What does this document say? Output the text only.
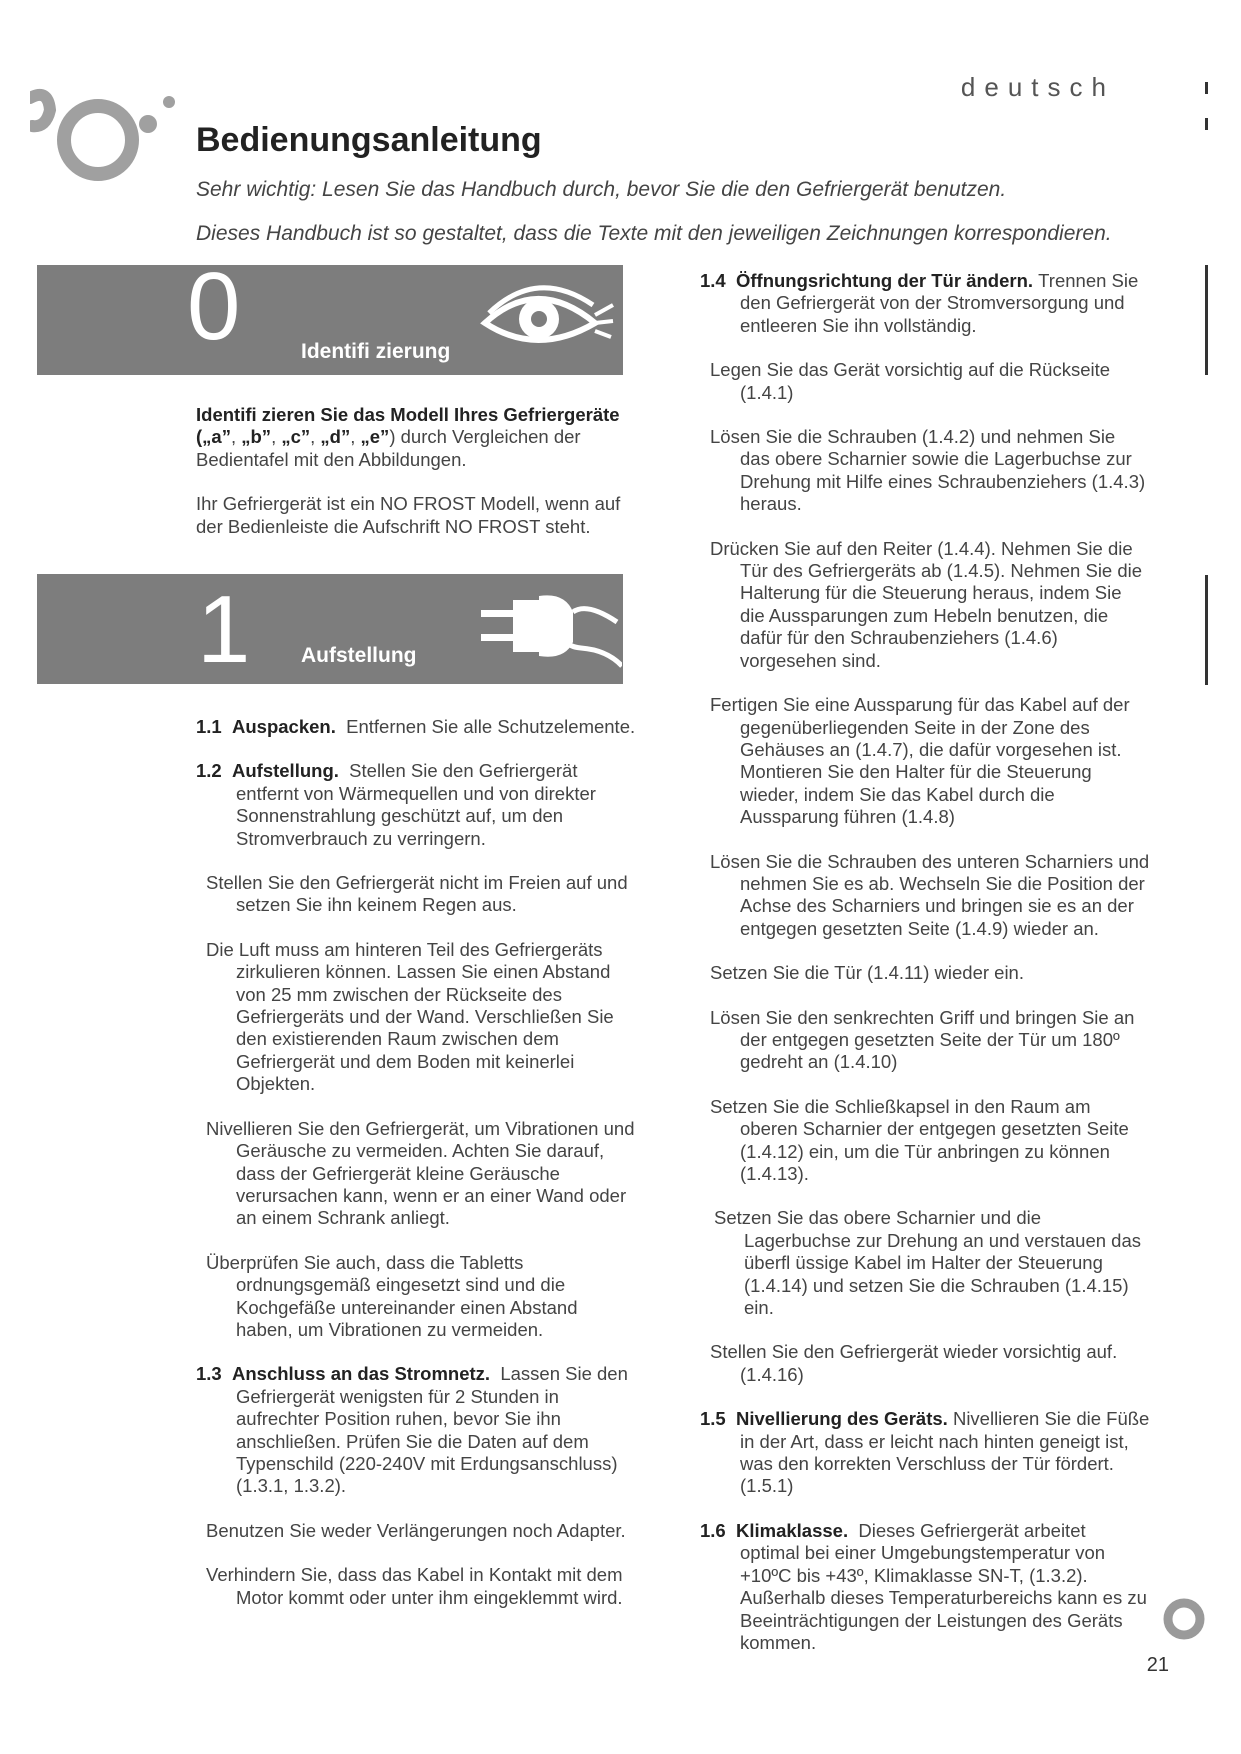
deutsch
Bedienungsanleitung
Sehr wichtig: Lesen Sie das Handbuch durch, bevor Sie die den Gefriergerät benutzen.
Dieses Handbuch ist so gestaltet, dass die Texte mit den jeweiligen Zeichnungen korrespondieren.
0	Identifi zierung

Identifi zieren Sie das Modell Ihres Gefriergeräte („a”, „b”, „c”, „d”, „e”) durch Vergleichen der Bedientafel mit den Abbildungen.

Ihr Gefriergerät ist ein NO FROST Modell, wenn auf der Bedienleiste die Aufschrift NO FROST steht.

1 Aufstellung

1.1 Auspacken. Entfernen Sie alle Schutzelemente.

1.2 Aufstellung. Stellen Sie den Gefriergerät entfernt von Wärmequellen und von direkter Sonnenstrahlung geschützt auf, um den Stromverbrauch zu verringern.

Stellen Sie den Gefriergerät nicht im Freien auf und setzen Sie ihn keinem Regen aus.

Die Luft muss am hinteren Teil des Gefriergeräts zirkulieren können. Lassen Sie einen Abstand von 25 mm zwischen der Rückseite des Gefriergeräts und der Wand. Verschließen Sie den existierenden Raum zwischen dem Gefriergerät und dem Boden mit keinerlei Objekten.

Nivellieren Sie den Gefriergerät, um Vibrationen und Geräusche zu vermeiden. Achten Sie darauf, dass der Gefriergerät kleine Geräusche verursachen kann, wenn er an einer Wand oder an einem Schrank anliegt.

Überprüfen Sie auch, dass die Tabletts ordnungsgemäß eingesetzt sind und die Kochgefäße untereinander einen Abstand haben, um Vibrationen zu vermeiden.

1.3 Anschluss an das Stromnetz. Lassen Sie den Gefriergerät wenigsten für 2 Stunden in aufrechter Position ruhen, bevor Sie ihn anschließen. Prüfen Sie die Daten auf dem Typenschild (220-240V mit Erdungsanschluss) (1.3.1, 1.3.2).

Benutzen Sie weder Verlängerungen noch Adapter.

Verhindern Sie, dass das Kabel in Kontakt mit dem Motor kommt oder unter ihm eingeklemmt wird.

1.4 Öffnungsrichtung der Tür ändern. Trennen Sie den Gefriergerät von der Stromversorgung und entleeren Sie ihn vollständig.

Legen Sie das Gerät vorsichtig auf die Rückseite (1.4.1)

Lösen Sie die Schrauben (1.4.2) und nehmen Sie das obere Scharnier sowie die Lagerbuchse zur Drehung mit Hilfe eines Schraubenziehers (1.4.3) heraus.

Drücken Sie auf den Reiter (1.4.4). Nehmen Sie die Tür des Gefriergeräts ab (1.4.5). Nehmen Sie die Halterung für die Steuerung heraus, indem Sie die Aussparungen zum Hebeln benutzen, die dafür für den Schraubenziehers (1.4.6) vorgesehen sind.

Fertigen Sie eine Aussparung für das Kabel auf der gegenüberliegenden Seite in der Zone des Gehäuses an (1.4.7), die dafür vorgesehen ist. Montieren Sie den Halter für die Steuerung wieder, indem Sie das Kabel durch die Aussparung führen (1.4.8)

Lösen Sie die Schrauben des unteren Scharniers und nehmen Sie es ab. Wechseln Sie die Position der Achse des Scharniers und bringen sie es an der entgegen gesetzten Seite (1.4.9) wieder an.

Setzen Sie die Tür (1.4.11) wieder ein.

Lösen Sie den senkrechten Griff und bringen Sie an der entgegen gesetzten Seite der Tür um 180º gedreht an (1.4.10)

Setzen Sie die Schließkapsel in den Raum am oberen Scharnier der entgegen gesetzten Seite (1.4.12) ein, um die Tür anbringen zu können (1.4.13).

Setzen Sie das obere Scharnier und die Lagerbuchse zur Drehung an und verstauen das überfl üssige Kabel im Halter der Steuerung (1.4.14) und setzen Sie die Schrauben (1.4.15) ein.

Stellen Sie den Gefriergerät wieder vorsichtig auf. (1.4.16)

1.5 Nivellierung des Geräts. Nivellieren Sie die Füße in der Art, dass er leicht nach hinten geneigt ist, was den korrekten Verschluss der Tür fördert. (1.5.1)

1.6 Klimaklasse. Dieses Gefriergerät arbeitet optimal bei einer Umgebungstemperatur von +10ºC bis +43º, Klimaklasse SN-T, (1.3.2). Außerhalb dieses Temperaturbereichs kann es zu Beeinträchtigungen der Leistungen des Geräts kommen.

21
